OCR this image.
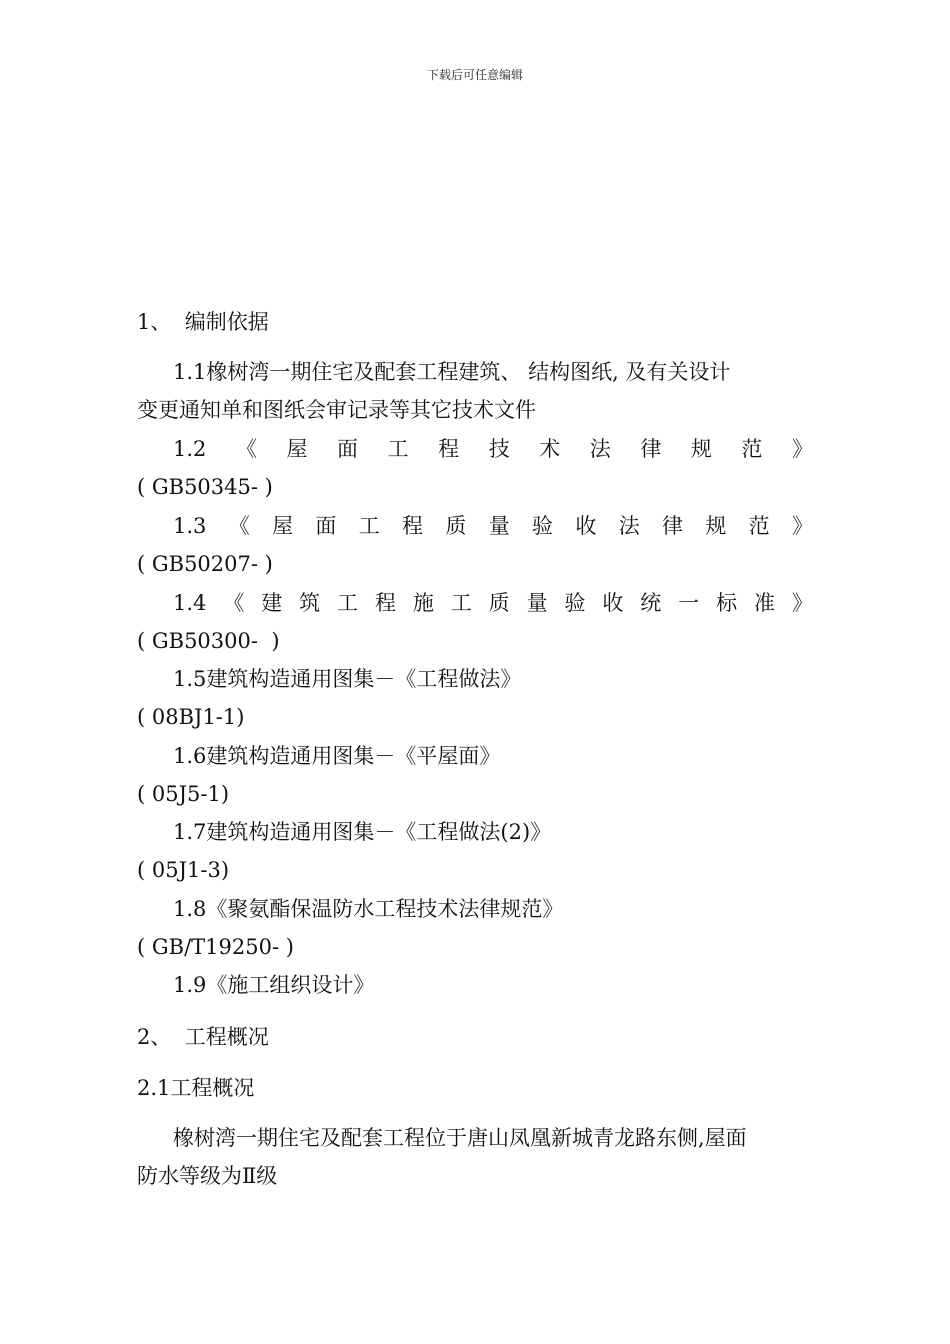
下载后可任意编辑
1、  编制依据
1.1橡树湾一期住宅及配套工程建筑、 结构图纸, 及有关设计
变更通知单和图纸会审记录等其它技术文件
1.2 《 屋 面 工 程 技 术 法 律 规 范 》
( GB50345- )
1.3 《 屋 面 工 程 质 量 验 收 法 律 规 范 》
( GB50207- )
1.4 《 建 筑 工 程 施 工 质 量 验 收 统 一 标 准 》
( GB50300-  )
1.5建筑构造通用图集－《工程做法》
( 08BJ1-1)
1.6建筑构造通用图集－《平屋面》
( 05J5-1)
1.7建筑构造通用图集－《工程做法(2)》
( 05J1-3)
1.8《聚氨酯保温防水工程技术法律规范》
( GB/T19250- )
1.9《施工组织设计》
2、  工程概况
2.1工程概况
橡树湾一期住宅及配套工程位于唐山凤凰新城青龙路东侧,屋面
防水等级为Ⅱ级
